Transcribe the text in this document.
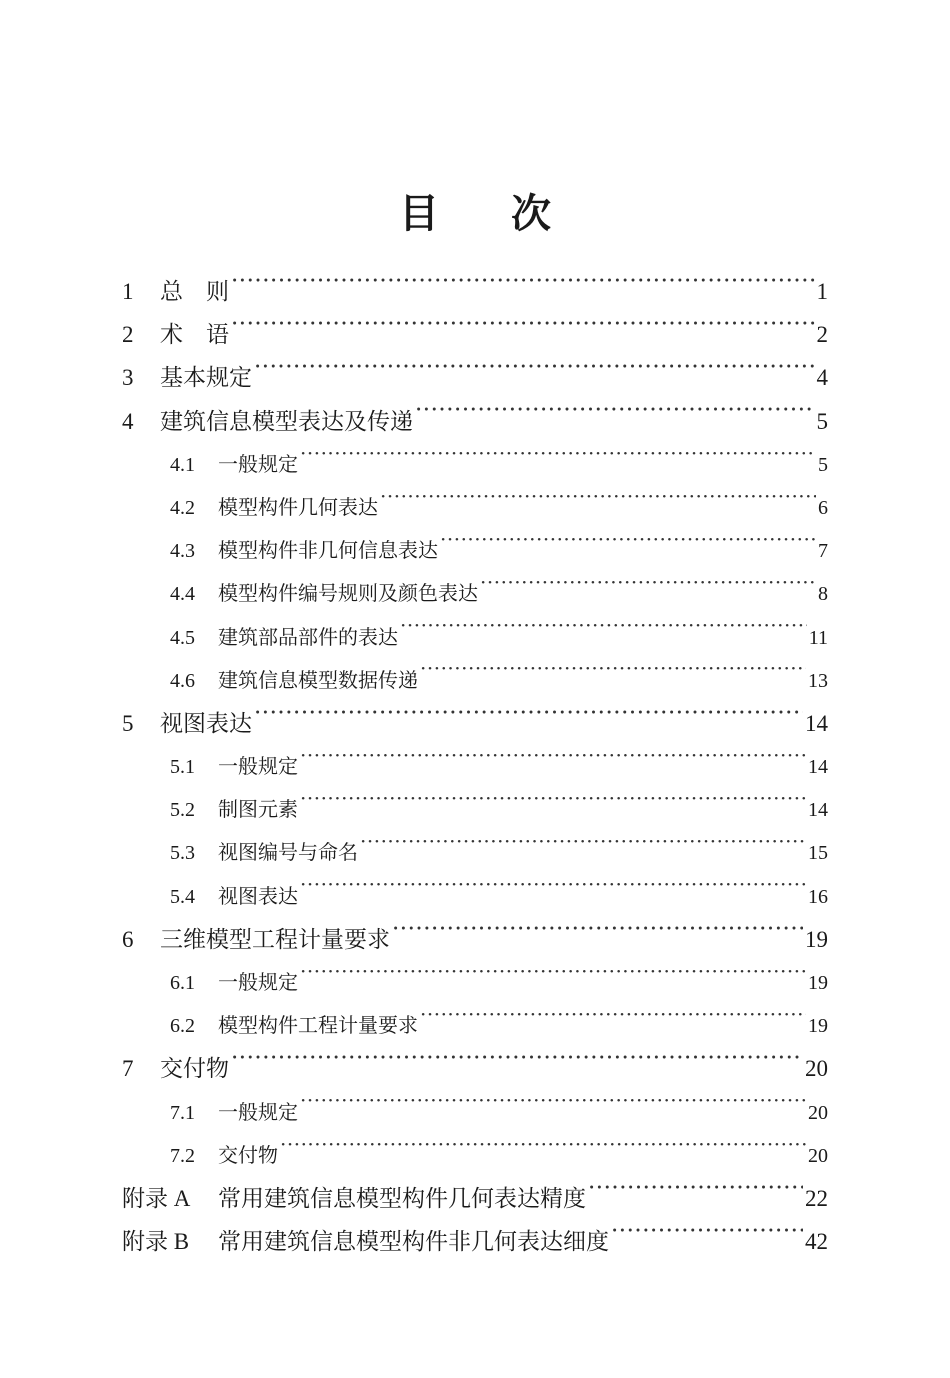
目 次
1	总　则 ·····	1
2	术　语 ·····	2
3	基本规定 ·····	4
4	建筑信息模型表达及传递 ·····	5
4.1	一般规定 ·····	5
4.2	模型构件几何表达 ·····	6
4.3	模型构件非几何信息表达 ·····	7
4.4	模型构件编号规则及颜色表达 ·····	8
4.5	建筑部品部件的表达 ·····	11
4.6	建筑信息模型数据传递 ·····	13
5	视图表达 ·····	14
5.1	一般规定 ·····	14
5.2	制图元素 ·····	14
5.3	视图编号与命名 ·····	15
5.4	视图表达 ·····	16
6	三维模型工程计量要求 ·····	19
6.1	一般规定 ·····	19
6.2	模型构件工程计量要求 ·····	19
7	交付物 ·····	20
7.1	一般规定 ·····	20
7.2	交付物 ·····	20
附录 A	常用建筑信息模型构件几何表达精度 ·····	22
附录 B	常用建筑信息模型构件非几何表达细度 ·····	42
